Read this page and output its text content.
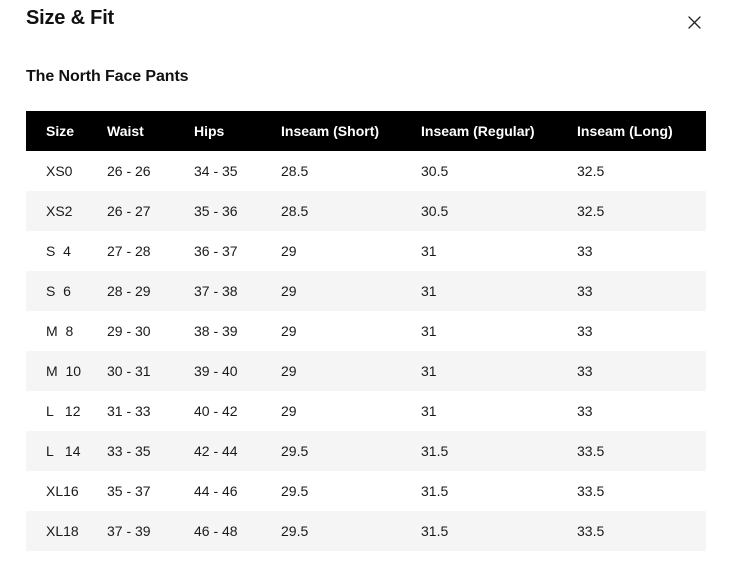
Size & Fit
The North Face Pants
Size	Waist	Hips	Inseam (Short)	Inseam (Regular)	Inseam (Long)
XS0	26 - 26	34 - 35	28.5	30.5	32.5
XS2	26 - 27	35 - 36	28.5	30.5	32.5
S  4	27 - 28	36 - 37	29	31	33
S  6	28 - 29	37 - 38	29	31	33
M  8	29 - 30	38 - 39	29	31	33
M  10	30 - 31	39 - 40	29	31	33
L   12	31 - 33	40 - 42	29	31	33
L   14	33 - 35	42 - 44	29.5	31.5	33.5
XL16	35 - 37	44 - 46	29.5	31.5	33.5
XL18	37 - 39	46 - 48	29.5	31.5	33.5
